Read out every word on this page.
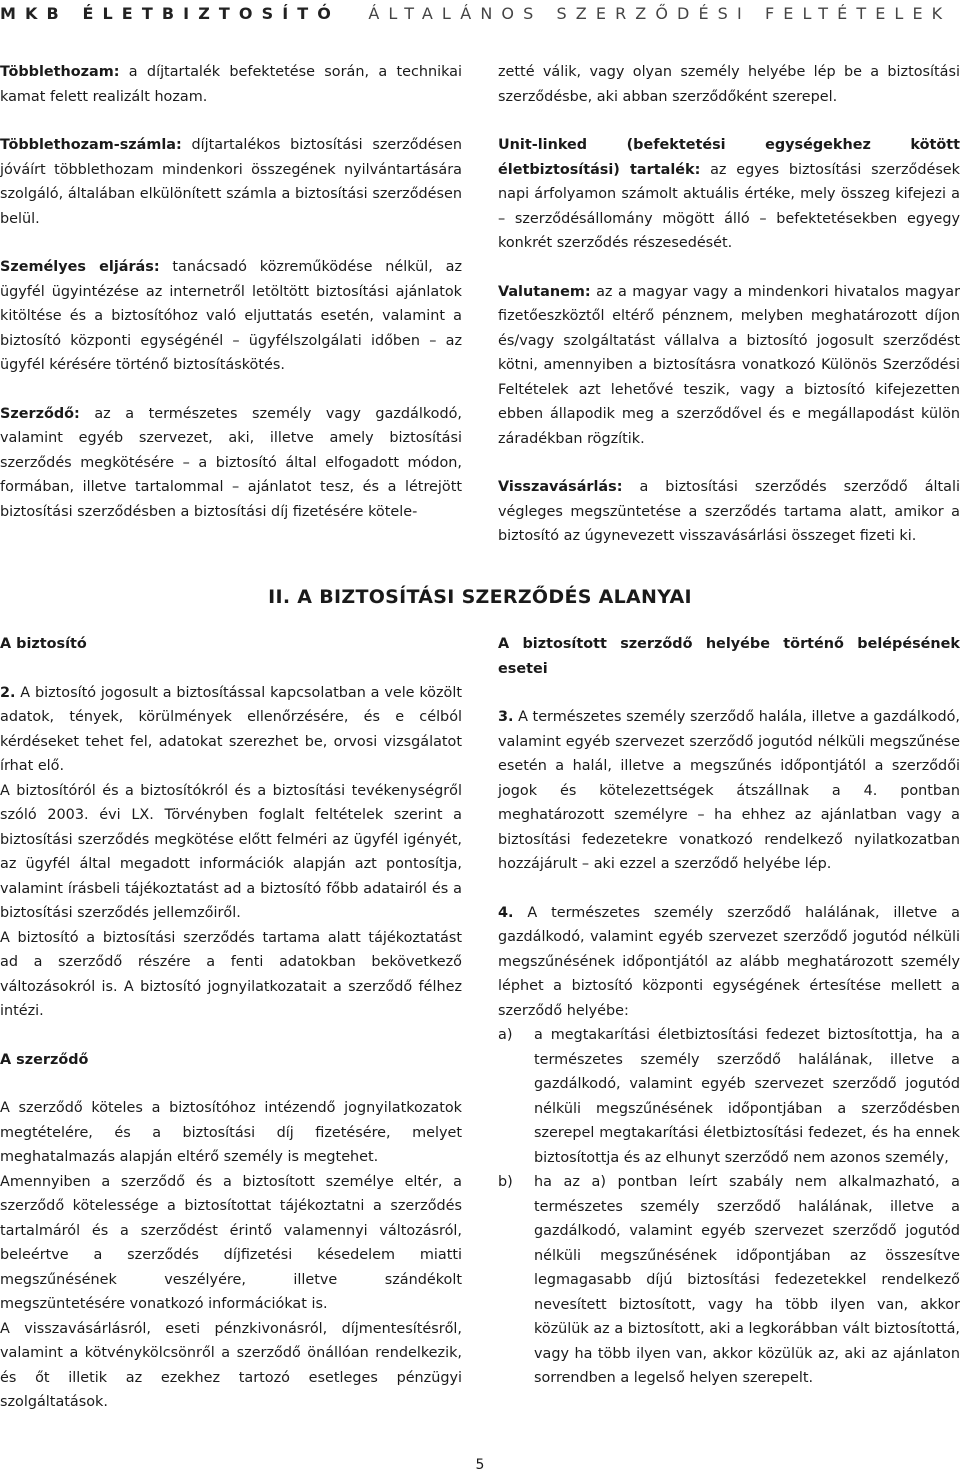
MKB ÉLETBIZTOSÍTÓ ÁLTALÁNOS SZERZŐDÉSI FELTÉTELEK

Többlethozam: a díjtartalék befektetése során, a technikai kamat felett realizált hozam.

Többlethozam-számla: díjtartalékos biztosítási szerződésen jóváírt többlethozam mindenkori összegének nyilvántartására szolgáló, általában elkülönített számla a biztosítási szerződésen belül.

Személyes eljárás: tanácsadó közreműködése nélkül, az ügyfél ügyintézése az internetről letöltött biztosítási ajánlatok kitöltése és a biztosítóhoz való eljuttatás esetén, valamint a biztosító központi egységénél – ügyfélszolgálati időben – az ügyfél kérésére történő biztosításkötés.

Szerződő: az a természetes személy vagy gazdálkodó, valamint egyéb szervezet, aki, illetve amely biztosítási szerződés megkötésére – a biztosító által elfogadott módon, formában, illetve tartalommal – ajánlatot tesz, és a létrejött biztosítási szerződésben a biztosítási díj fizetésére kötele-

zetté válik, vagy olyan személy helyébe lép be a biztosítási szerződésbe, aki abban szerződőként szerepel.

Unit-linked (befektetési egységekhez kötött életbiztosítási) tartalék: az egyes biztosítási szerződések napi árfolyamon számolt aktuális értéke, mely összeg kifejezi a – szerződésállomány mögött álló – befektetésekben egyegy konkrét szerződés részesedését.

Valutanem: az a magyar vagy a mindenkori hivatalos magyar fizetőeszköztől eltérő pénznem, melyben meghatározott díjon és/vagy szolgáltatást vállalva a biztosító jogosult szerződést kötni, amennyiben a biztosításra vonatkozó Különös Szerződési Feltételek azt lehetővé teszik, vagy a biztosító kifejezetten ebben állapodik meg a szerződővel és e megállapodást külön záradékban rögzítik.

Visszavásárlás: a biztosítási szerződés szerződő általi végleges megszüntetése a szerződés tartama alatt, amikor a biztosító az úgynevezett visszavásárlási összeget fizeti ki.

II. A BIZTOSÍTÁSI SZERZŐDÉS ALANYAI

A biztosító

2. A biztosító jogosult a biztosítással kapcsolatban a vele közölt adatok, tények, körülmények ellenőrzésére, és e célból kérdéseket tehet fel, adatokat szerezhet be, orvosi vizsgálatot írhat elő.

A biztosítóról és a biztosítókról és a biztosítási tevékenységről szóló 2003. évi LX. Törvényben foglalt feltételek szerint a biztosítási szerződés megkötése előtt felméri az ügyfél igényét, az ügyfél által megadott információk alapján azt pontosítja, valamint írásbeli tájékoztatást ad a biztosító főbb adatairól és a biztosítási szerződés jellemzőiről.

A biztosító a biztosítási szerződés tartama alatt tájékoztatást ad a szerződő részére a fenti adatokban bekövetkező változásokról is. A biztosító jognyilatkozatait a szerződő félhez intézi.

A szerződő

A szerződő köteles a biztosítóhoz intézendő jognyilatkozatok megtételére, és a biztosítási díj fizetésére, melyet meghatalmazás alapján eltérő személy is megtehet.

Amennyiben a szerződő és a biztosított személye eltér, a szerződő kötelessége a biztosítottat tájékoztatni a szerződés tartalmáról és a szerződést érintő valamennyi változásról, beleértve a szerződés díjfizetési késedelem miatti megszűnésének veszélyére, illetve szándékolt megszüntetésére vonatkozó információkat is.

A visszavásárlásról, eseti pénzkivonásról, díjmentesítésről, valamint a kötvénykölcsönről a szerződő önállóan rendelkezik, és őt illetik az ezekhez tartozó esetleges pénzügyi szolgáltatások.

A biztosított szerződő helyébe történő belépésének esetei

3. A természetes személy szerződő halála, illetve a gazdálkodó, valamint egyéb szervezet szerződő jogutód nélküli megszűnése esetén a halál, illetve a megszűnés időpontjától a szerződői jogok és kötelezettségek átszállnak a 4. pontban meghatározott személyre – ha ehhez az ajánlatban vagy a biztosítási fedezetekre vonatkozó rendelkező nyilatkozatban hozzájárult – aki ezzel a szerződő helyébe lép.

4. A természetes személy szerződő halálának, illetve a gazdálkodó, valamint egyéb szervezet szerződő jogutód nélküli megszűnésének időpontjától az alább meghatározott személy léphet a biztosító központi egységének értesítése mellett a szerződő helyébe:

a)	a megtakarítási életbiztosítási fedezet biztosítottja, ha a természetes személy szerződő halálának, illetve a gazdálkodó, valamint egyéb szervezet szerződő jogutód nélküli megszűnésének időpontjában a szerződésben szerepel megtakarítási életbiztosítási fedezet, és ha ennek biztosítottja és az elhunyt szerződő nem azonos személy,
b)	ha az a) pontban leírt szabály nem alkalmazható, a természetes személy szerződő halálának, illetve a gazdálkodó, valamint egyéb szervezet szerződő jogutód nélküli megszűnésének időpontjában az összesítve legmagasabb díjú biztosítási fedezetekkel rendelkező nevesített biztosított, vagy ha több ilyen van, akkor közülük az a biztosított, aki a legkorábban vált biztosítottá, vagy ha több ilyen van, akkor közülük az, aki az ajánlaton sorrendben a legelső helyen szerepelt.
5
